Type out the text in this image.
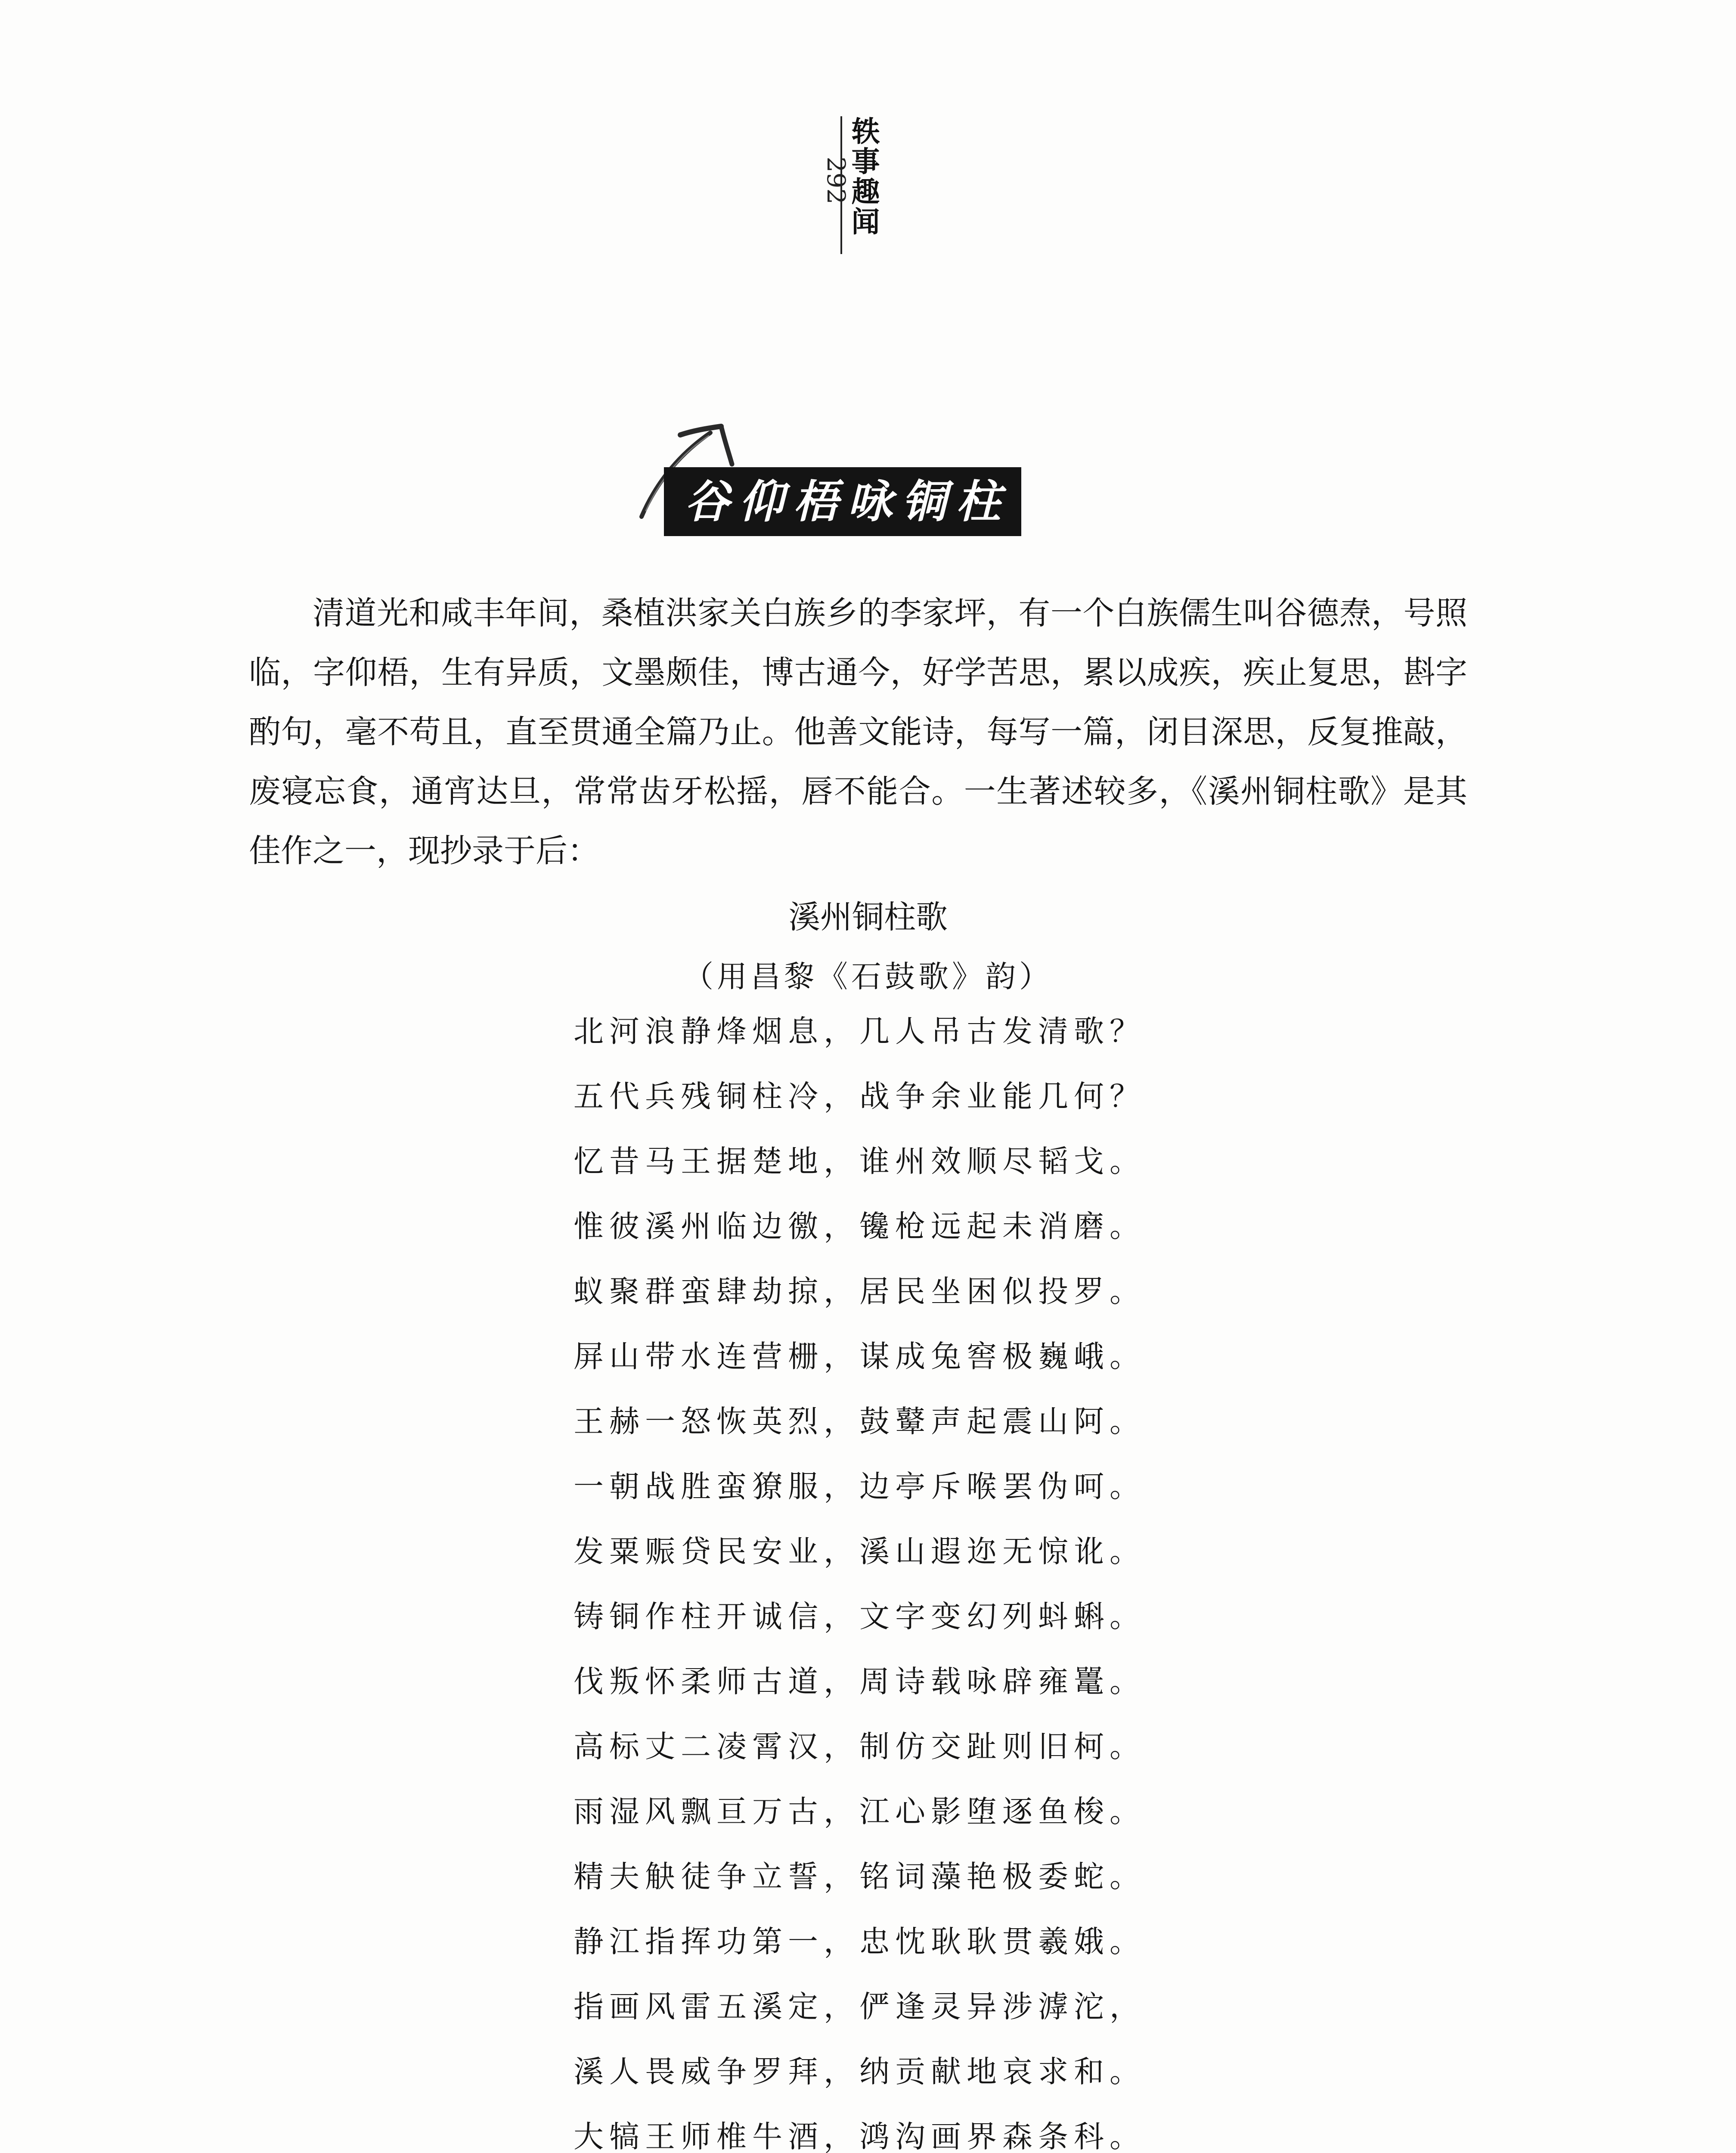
轶事趣闻
292
谷仰梧咏铜柱

清道光和咸丰年间，桑植洪家关白族乡的李家坪，有一个白族儒生叫谷德焘，号照临，字仰梧，生有异质，文墨颇佳，博古通今，好学苦思，累以成疾，疾止复思，斟字酌句，毫不苟且，直至贯通全篇乃止。他善文能诗，每写一篇，闭目深思，反复推敲，废寝忘食，通宵达旦，常常齿牙松摇，唇不能合。一生著述较多，《溪州铜柱歌》是其佳作之一，现抄录于后：

溪州铜柱歌

（用昌黎《石鼓歌》韵）

北河浪静烽烟息，几人吊古发清歌？
五代兵残铜柱冷，战争余业能几何？
忆昔马王据楚地，谁州效顺尽韬戈。
惟彼溪州临边徼，镵枪远起未消磨。
蚁聚群蛮肆劫掠，居民坐困似投罗。
屏山带水连营栅，谋成兔窖极巍峨。
王赫一怒恢英烈，鼓鼙声起震山阿。
一朝战胜蛮獠服，边亭斥喉罢伪呵。
发粟赈贷民安业，溪山遐迩无惊讹。
铸铜作柱开诚信，文字变幻列蚪蝌。
伐叛怀柔师古道，周诗载咏辟雍鼍。
高标丈二凌霄汉，制仿交趾则旧柯。
雨湿风飘亘万古，江心影堕逐鱼梭。
精夫觖徒争立誓，铭词藻艳极委蛇。
静江指挥功第一，忠忱耿耿贯羲娥。
指画风雷五溪定，俨逢灵异涉滹沱，
溪人畏威争罗拜，纳贡献地哀求和。
大犒王师椎牛酒，鸿沟画界森条科。
